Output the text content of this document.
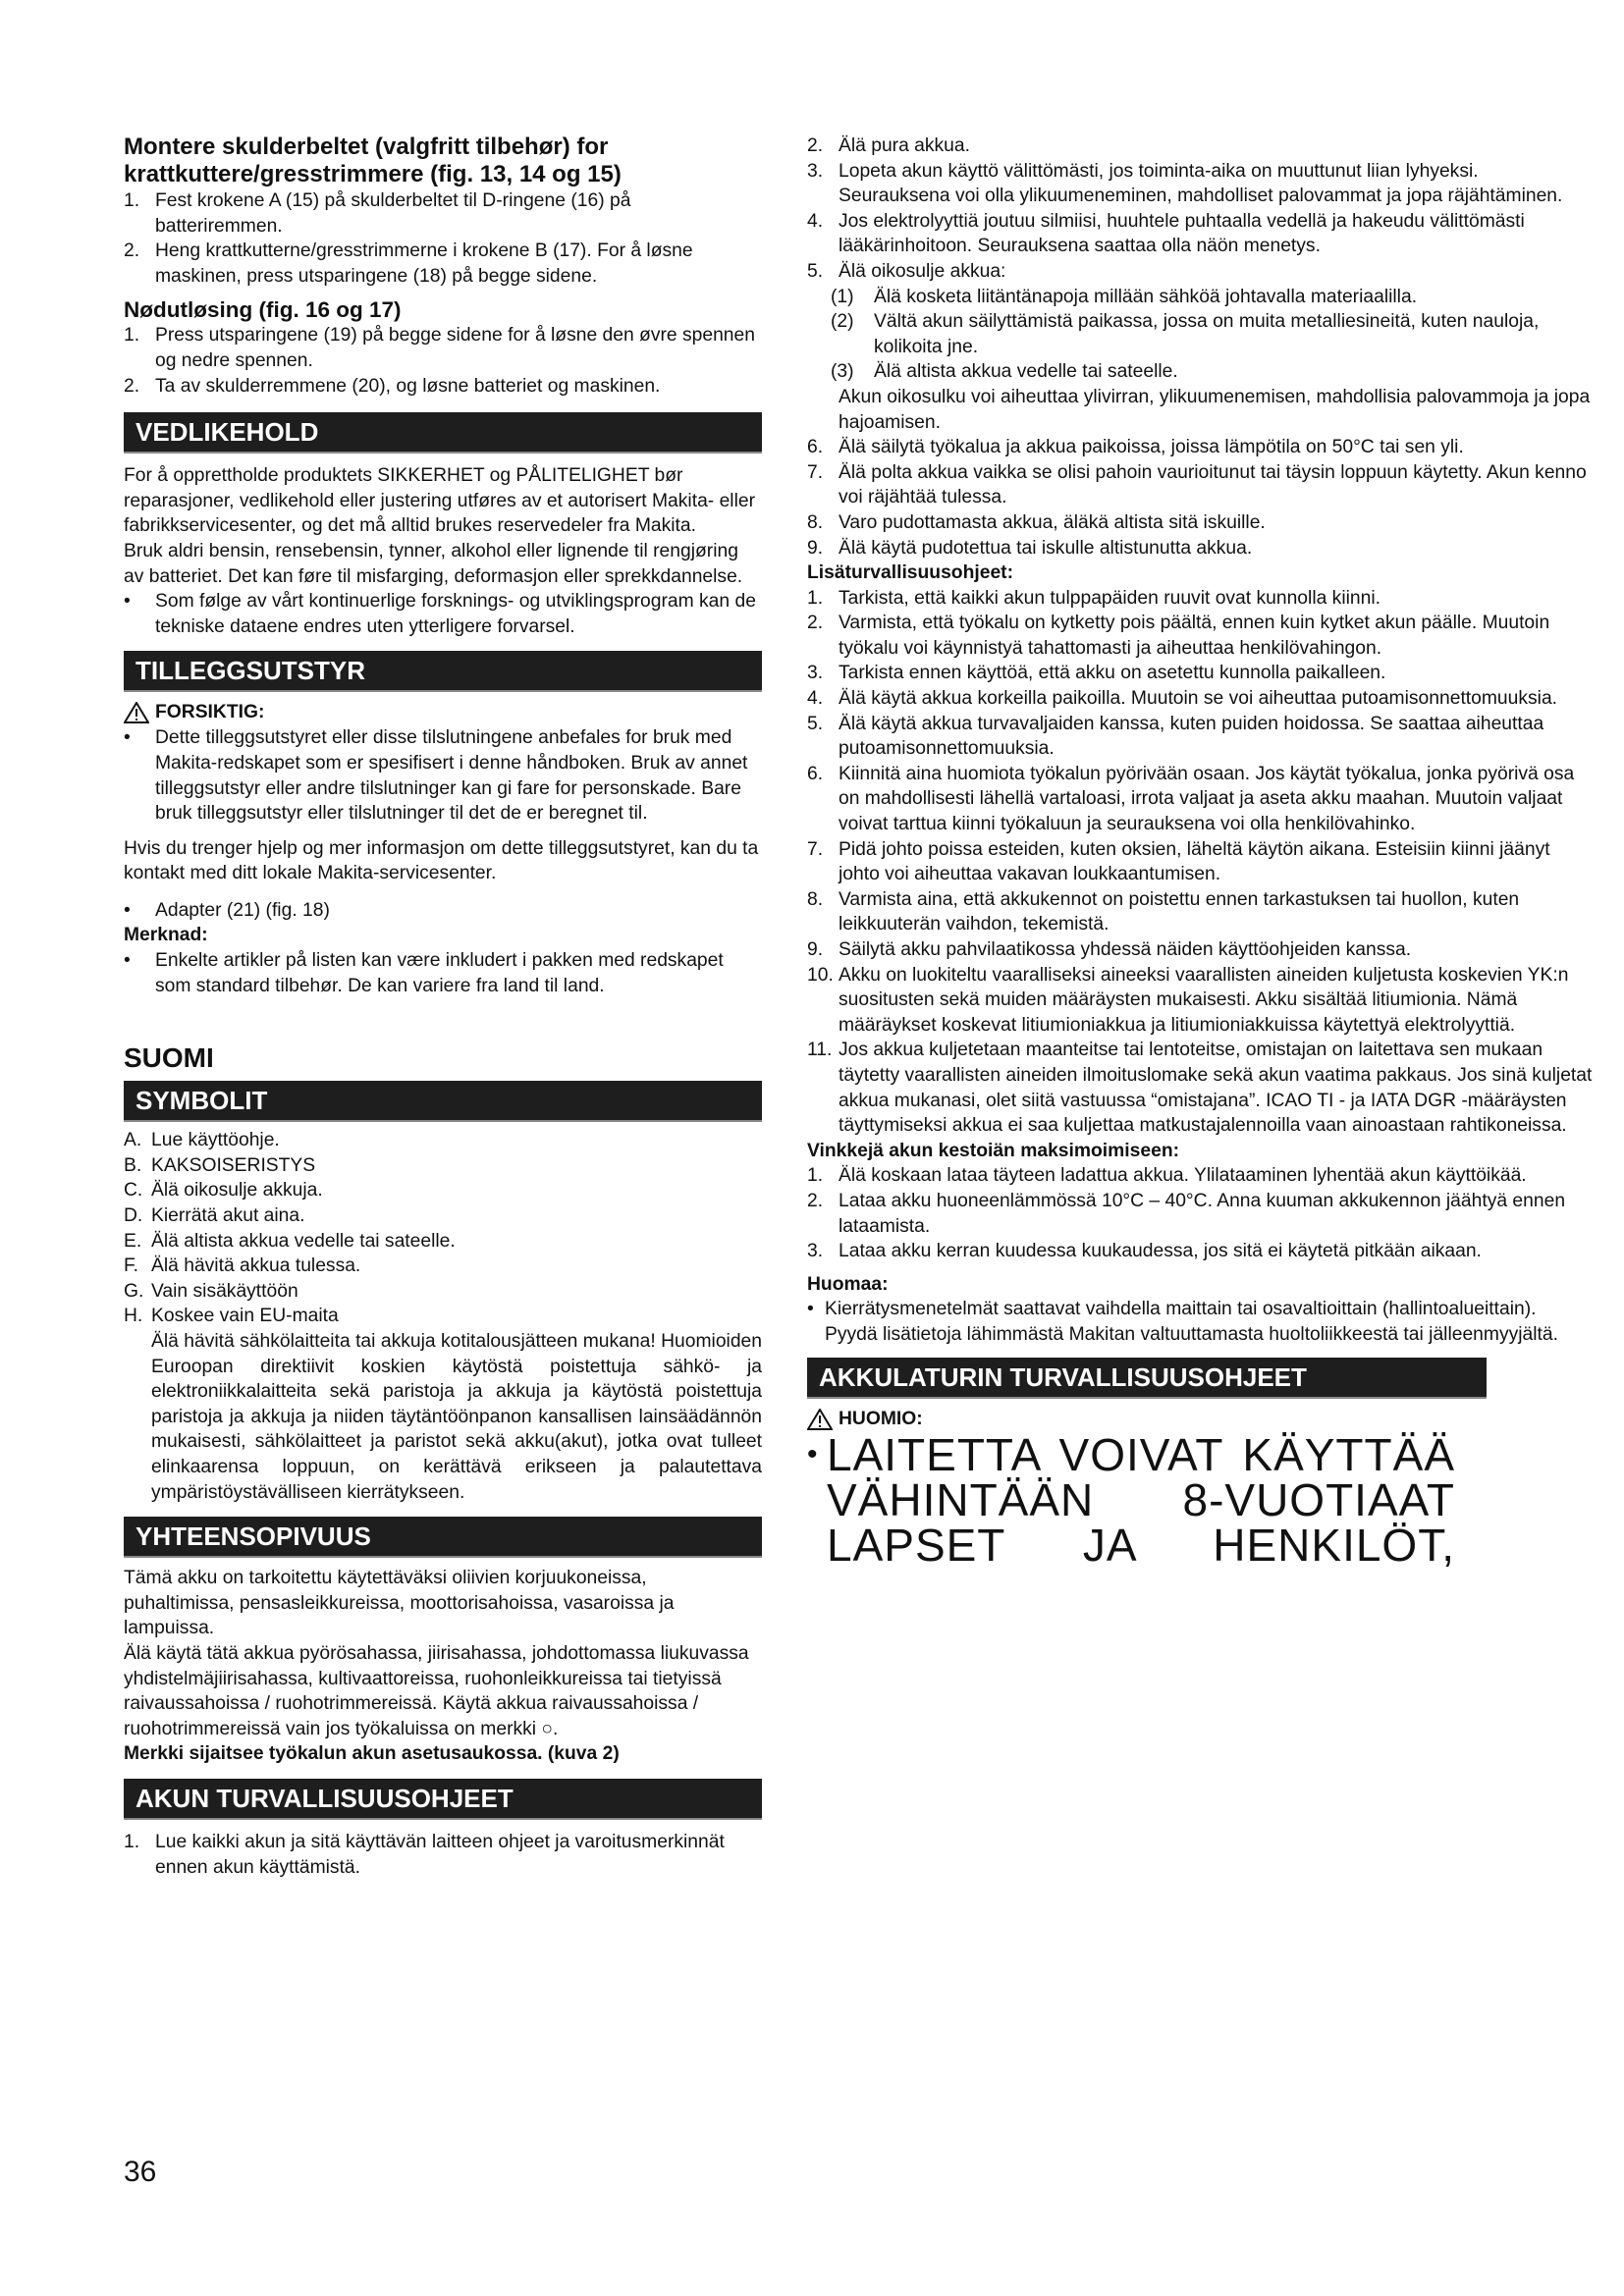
Montere skulderbeltet (valgfritt tilbehør) for krattkuttere/gresstrimmere (fig. 13, 14 og 15)

1. Fest krokene A (15) på skulderbeltet til D-ringene (16) på batteriremmen.
2. Heng krattkutterne/gresstrimmerne i krokene B (17). For å løsne maskinen, press utsparingene (18) på begge sidene.

Nødutløsing (fig. 16 og 17)

1. Press utsparingene (19) på begge sidene for å løsne den øvre spennen og nedre spennen.
2. Ta av skulderremmene (20), og løsne batteriet og maskinen.
VEDLIKEHOLD

For å opprettholde produktets SIKKERHET og PÅLITELIGHET bør reparasjoner, vedlikehold eller justering utføres av et autorisert Makita- eller fabrikkservicesenter, og det må alltid brukes reservedeler fra Makita.

Bruk aldri bensin, rensebensin, tynner, alkohol eller lignende til rengjøring av batteriet. Det kan føre til misfarging, deformasjon eller sprekkdannelse.

•	Som følge av vårt kontinuerlige forsknings- og utviklingsprogram kan de tekniske dataene endres uten ytterligere forvarsel.
TILLEGGSUTSTYR
FORSIKTIG:
•	Dette tilleggsutstyret eller disse tilslutningene anbefales for bruk med Makita-redskapet som er spesifisert i denne håndboken. Bruk av annet tilleggsutstyr eller andre tilslutninger kan gi fare for personskade. Bare bruk tilleggsutstyr eller tilslutninger til det de er beregnet til.

Hvis du trenger hjelp og mer informasjon om dette tilleggsutstyret, kan du ta kontakt med ditt lokale Makita-servicesenter.

•	Adapter (21) (fig. 18)

Merknad:

•	Enkelte artikler på listen kan være inkludert i pakken med redskapet som standard tilbehør. De kan variere fra land til land.

SUOMI

SYMBOLIT
A. Lue käyttöohje.
B. KAKSOISERISTYS
C. Älä oikosulje akkuja.
D. Kierrätä akut aina.
E. Älä altista akkua vedelle tai sateelle.
F. Älä hävitä akkua tulessa.
G. Vain sisäkäyttöön
H. Koskee vain EU-maita

Älä hävitä sähkölaitteita tai akkuja kotitalousjätteen mukana! Huomioiden Euroopan direktiivit koskien käytöstä poistettuja sähkö- ja elektroniikkalaitteita sekä paristoja ja akkuja ja käytöstä poistettuja paristoja ja akkuja ja niiden täytäntöönpanon kansallisen lainsäädännön mukaisesti, sähkölaitteet ja paristot sekä akku(akut), jotka ovat tulleet elinkaarensa loppuun, on kerättävä erikseen ja palautettava ympäristöystävälliseen kierrätykseen.

YHTEENSOPIVUUS

Tämä akku on tarkoitettu käytettäväksi oliivien korjuukoneissa, puhaltimissa, pensasleikkureissa, moottorisahoissa, vasaroissa ja lampuissa.

Älä käytä tätä akkua pyörösahassa, jiirisahassa, johdottomassa liukuvassa yhdistelmäjiirisahassa, kultivaattoreissa, ruohonleikkureissa tai tietyissä raivaussahoissa / ruohotrimmereissä. Käytä akkua raivaussahoissa / ruohotrimmereissä vain jos työkaluissa on merkki ○.

Merkki sijaitsee työkalun akun asetusaukossa. (kuva 2)

AKUN TURVALLISUUSOHJEET
1. Lue kaikki akun ja sitä käyttävän laitteen ohjeet ja varoitusmerkinnät ennen akun käyttämistä.
2. Älä pura akkua.
3. Lopeta akun käyttö välittömästi, jos toiminta-aika on muuttunut liian lyhyeksi. Seurauksena voi olla ylikuumeneminen, mahdolliset palovammat ja jopa räjähtäminen.
4. Jos elektrolyyttiä joutuu silmiisi, huuhtele puhtaalla vedellä ja hakeudu välittömästi lääkärinhoitoon. Seurauksena saattaa olla näön menetys.
5. Älä oikosulje akkua:
(1)	Älä kosketa liitäntänapoja millään sähköä johtavalla materiaalilla.
(2)	Vältä akun säilyttämistä paikassa, jossa on muita metalliesineitä, kuten nauloja, kolikoita jne.
(3)	Älä altista akkua vedelle tai sateelle.

Akun oikosulku voi aiheuttaa ylivirran, ylikuumenemisen, mahdollisia palovammoja ja jopa hajoamisen.

6. Älä säilytä työkalua ja akkua paikoissa, joissa lämpötila on 50°C tai sen yli.
7. Älä polta akkua vaikka se olisi pahoin vaurioitunut tai täysin loppuun käytetty. Akun kenno voi räjähtää tulessa.
8. Varo pudottamasta akkua, äläkä altista sitä iskuille.
9. Älä käytä pudotettua tai iskulle altistunutta akkua.

Lisäturvallisuusohjeet:

1. Tarkista, että kaikki akun tulppapäiden ruuvit ovat kunnolla kiinni.
2. Varmista, että työkalu on kytketty pois päältä, ennen kuin kytket akun päälle. Muutoin työkalu voi käynnistyä tahattomasti ja aiheuttaa henkilövahingon.
3. Tarkista ennen käyttöä, että akku on asetettu kunnolla paikalleen.
4. Älä käytä akkua korkeilla paikoilla. Muutoin se voi aiheuttaa putoamisonnettomuuksia.
5. Älä käytä akkua turvavaljaiden kanssa, kuten puiden hoidossa. Se saattaa aiheuttaa putoamisonnettomuuksia.
6. Kiinnitä aina huomiota työkalun pyörivään osaan. Jos käytät työkalua, jonka pyörivä osa on mahdollisesti lähellä vartaloasi, irrota valjaat ja aseta akku maahan. Muutoin valjaat voivat tarttua kiinni työkaluun ja seurauksena voi olla henkilövahinko.
7. Pidä johto poissa esteiden, kuten oksien, läheltä käytön aikana. Esteisiin kiinni jäänyt johto voi aiheuttaa vakavan loukkaantumisen.
8. Varmista aina, että akkukennot on poistettu ennen tarkastuksen tai huollon, kuten leikkuuterän vaihdon, tekemistä.
9. Säilytä akku pahvilaatikossa yhdessä näiden käyttöohjeiden kanssa.
10. Akku on luokiteltu vaaralliseksi aineeksi vaarallisten aineiden kuljetusta koskevien YK:n suositusten sekä muiden määräysten mukaisesti. Akku sisältää litiumionia. Nämä määräykset koskevat litiumioniakkua ja litiumioniakkuissa käytettyä elektrolyyttiä.
11. Jos akkua kuljetetaan maanteitse tai lentoteitse, omistajan on laitettava sen mukaan täytetty vaarallisten aineiden ilmoituslomake sekä akun vaatima pakkaus. Jos sinä kuljetat akkua mukanasi, olet siitä vastuussa “omistajana”. ICAO TI - ja IATA DGR -määräysten täyttymiseksi akkua ei saa kuljettaa matkustajalennoilla vaan ainoastaan rahtikoneissa.

Vinkkejä akun kestoiän maksimoimiseen:

1. Älä koskaan lataa täyteen ladattua akkua. Ylilataaminen lyhentää akun käyttöikää.
2. Lataa akku huoneenlämmössä 10°C – 40°C. Anna kuuman akkukennon jäähtyä ennen lataamista.
3. Lataa akku kerran kuudessa kuukaudessa, jos sitä ei käytetä pitkään aikaan.

Huomaa:

• Kierrätysmenetelmät saattavat vaihdella maittain tai osavaltioittain (hallintoalueittain). Pyydä lisätietoja lähimmästä Makitan valtuuttamasta huoltoliikkeestä tai jälleenmyyjältä.
AKKULATURIN TURVALLISUUSOHJEET
HUOMIO:
• LAITETTA VOIVAT KÄYTTÄÄ VÄHINTÄÄN 8-VUOTIAAT LAPSET JA HENKILÖT,
36
